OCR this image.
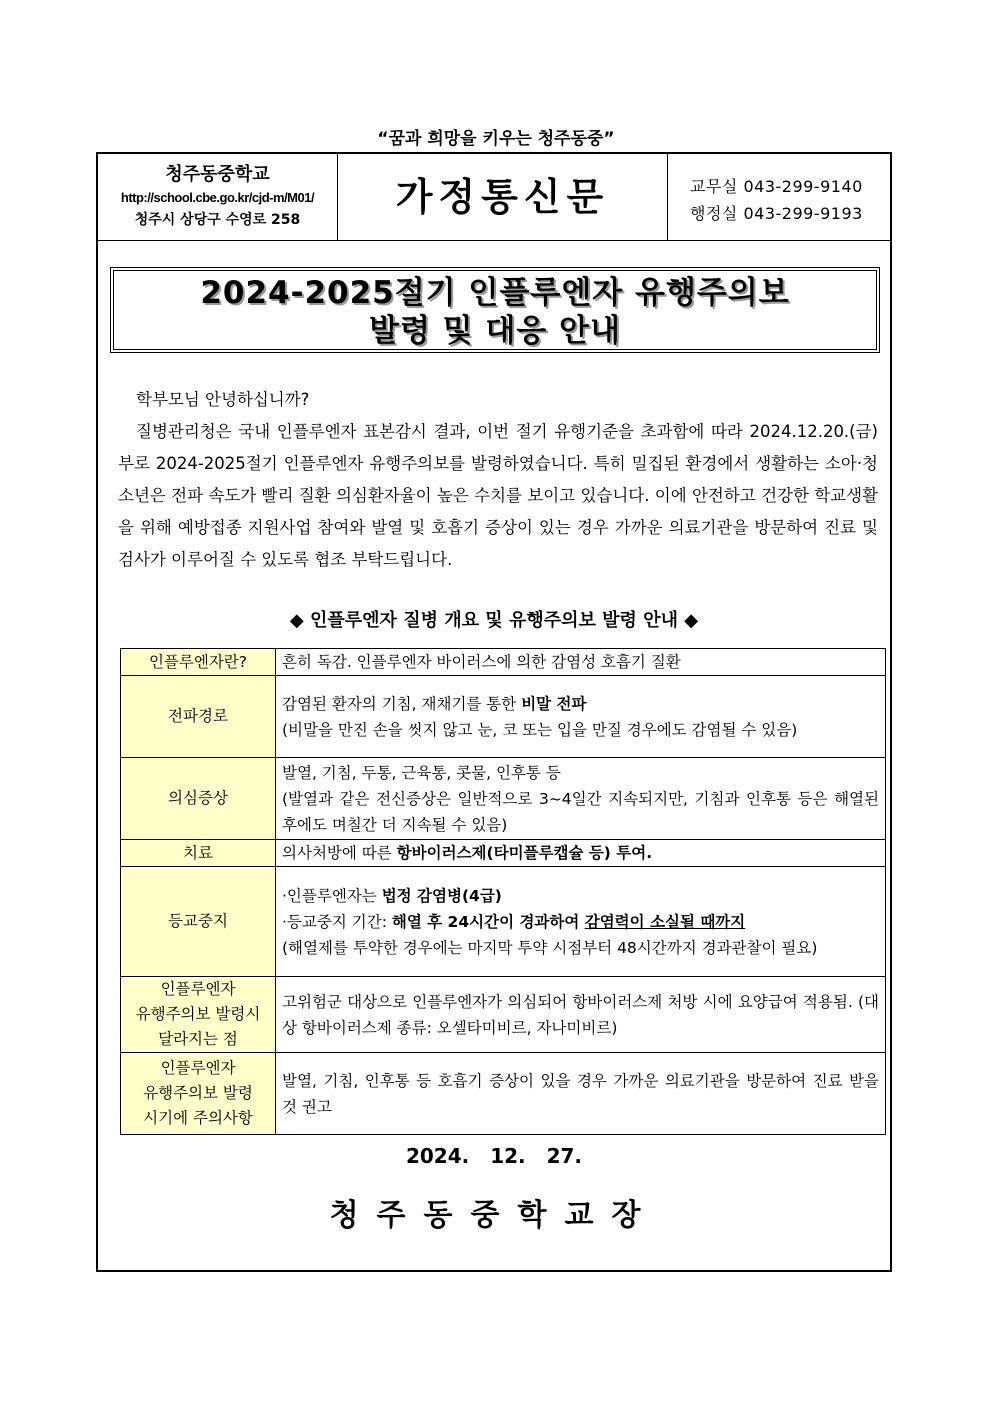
“꿈과 희망을 키우는 청주동중”
청주동중학교
http://school.cbe.go.kr/cjd-m/M01/
청주시 상당구 수영로 258
가정통신문	교무실 043-299-9140
행정실 043-299-9193
2024-2025절기 인플루엔자 유행주의보
발령 및 대응 안내

학부모님 안녕하십니까?

질병관리청은 국내 인플루엔자 표본감시 결과, 이번 절기 유행기준을 초과함에 따라 2024.12.20.(금)부로 2024-2025절기 인플루엔자 유행주의보를 발령하였습니다. 특히 밀집된 환경에서 생활하는 소아·청소년은 전파 속도가 빨리 질환 의심환자율이 높은 수치를 보이고 있습니다. 이에 안전하고 건강한 학교생활을 위해 예방접종 지원사업 참여와 발열 및 호흡기 증상이 있는 경우 가까운 의료기관을 방문하여 진료 및 검사가 이루어질 수 있도록 협조 부탁드립니다.

◆ 인플루엔자 질병 개요 및 유행주의보 발령 안내 ◆
인플루엔자란?	흔히 독감. 인플루엔자 바이러스에 의한 감염성 호흡기 질환
전파경로	감염된 환자의 기침, 재채기를 통한 비말 전파
(비말을 만진 손을 씻지 않고 눈, 코 또는 입을 만질 경우에도 감염될 수 있음)
의심증상	발열, 기침, 두통, 근육통, 콧물, 인후통 등
(발열과 같은 전신증상은 일반적으로 3~4일간 지속되지만, 기침과 인후통 등은 해열된 후에도 며칠간 더 지속될 수 있음)
치료	의사처방에 따른 항바이러스제(타미플루캡슐 등) 투여.
등교중지	·인플루엔자는 법정 감염병(4급)
·등교중지 기간: 해열 후 24시간이 경과하여 감염력이 소실될 때까지
(해열제를 투약한 경우에는 마지막 투약 시점부터 48시간까지 경과관찰이 필요)

인플루엔자
유행주의보 발령시
달라지는 점	고위험군 대상으로 인플루엔자가 의심되어 항바이러스제 처방 시에 요양급여 적용됨. (대상 항바이러스제 종류: 오셀타미비르, 자나미비르)

인플루엔자
유행주의보 발령
시기에 주의사항	발열, 기침, 인후통 등 호흡기 증상이 있을 경우 가까운 의료기관을 방문하여 진료 받을 것 권고
2024. 12. 27.
청주동중학교장
